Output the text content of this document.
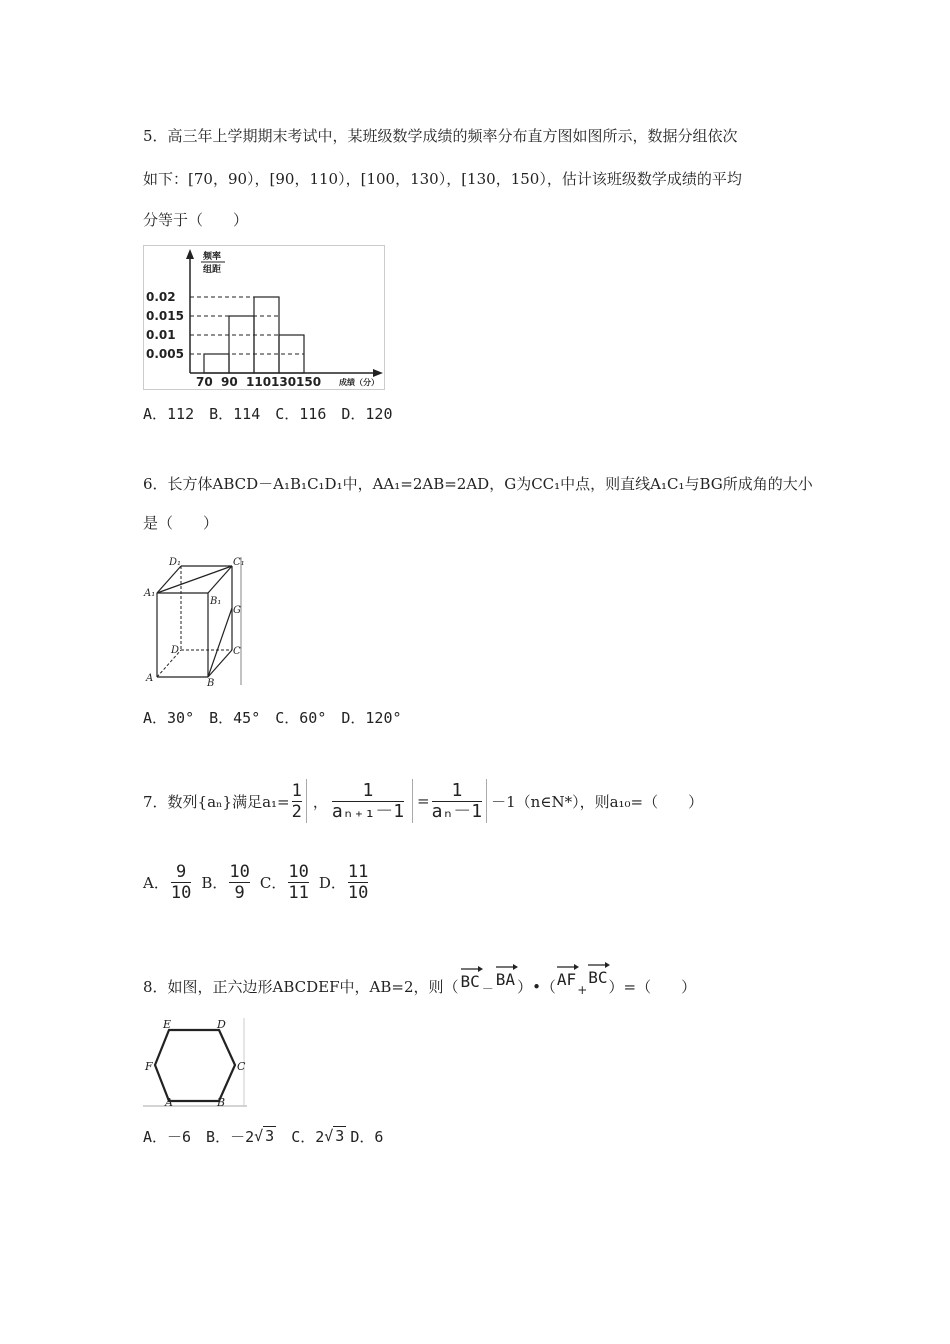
5．高三年上学期期末考试中，某班级数学成绩的频率分布直方图如图所示，数据分组依次
如下：[70，90），[90，110），[100，130），[130，150），估计该班级数学成绩的平均
分等于（　　）
0.005
0.01
0.015
0.02
70 90 110 130 150
频率
组距
成绩（分）
A．112　B．114　C．116　D．120
6．长方体ABCD－A₁B₁C₁D₁中，AA₁=2AB=2AD，G为CC₁中点，则直线A₁C₁与BG所成角的大小
是（　　）
D₁	C₁
A₁
B₁
G
D	C
A	B
A．30°　B．45°　C．60°　D．120°
7．数列{aₙ}满足$a_1= \frac{1}{2}$ ， $\frac{1}{\text{aₙ₊₁－1}} = \frac{1}{\text{aₙ－1}}$ －1（n∈N*），则a₁₀=（　　）
A． $\frac{9}{10}$ B． $\frac{10}{9}$ C． $\frac{10}{11}$ D． $\frac{11}{10}$
8．如图，正六边形ABCDEF中，AB=2，则（ BC － BA ）•（ AF
+
BC ）=（　　）
E	D
F	C
A	B
A．－6　B．－2 √ 3 　C．2 √ 3 D．6
